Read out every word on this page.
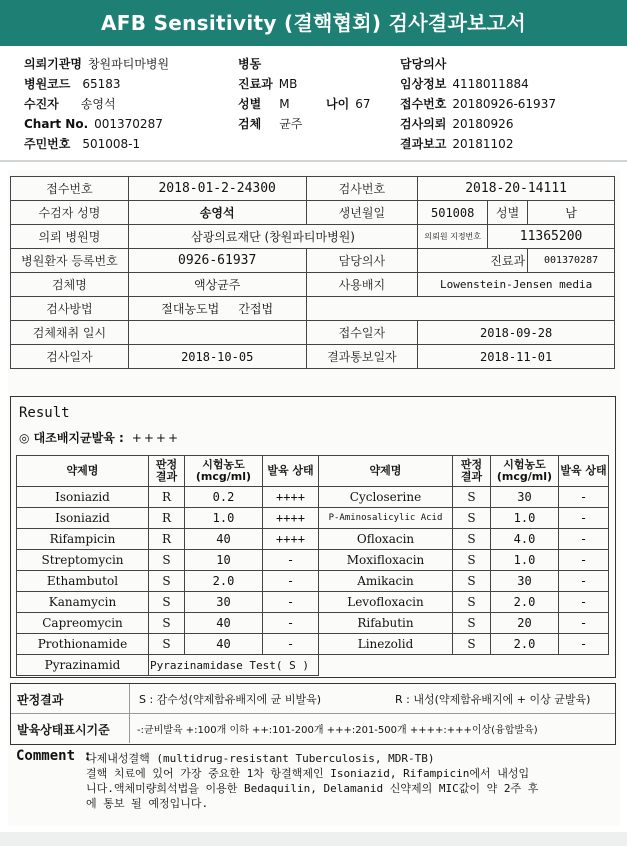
AFB Sensitivity (결핵협회) 검사결과보고서
의뢰기관명 창원파티마병원	병동	담당의사
병원코드 65183	진료과 MB	임상정보 4118011884
수진자 송영석	성별 M	나이 67 접수번호 20180926-61937
Chart No. 001370287	검체 균주	검사의뢰 20180926
주민번호 501008-1	결과보고 20181102
접수번호	2018-01-2-24300	검사번호	2018-20-14111		
수검자 성명	송영석	생년월일	501008	성별	남
의뢰 병원명	삼광의료재단 (창원파티마병원)		의뢰원 지정번호	11365200	
병원환자 등록번호	0926-61937	담당의사	진료과		001370287
검체명	액상균주	사용배지	Lowenstein-Jensen media		
검사방법	절대농도법 간접법				
검체채취 일시		접수일자	2018-09-28		
검사일자	2018-10-05	결과통보일자	2018-11-01		
Result
◎ 대조배지균발육 : ++++
약제명	판정 결과	시험농도 (mcg/ml)	발육 상태	약제명	판정 결과	시험농도 (mcg/ml)	발육 상태
Isoniazid	R	0.2	++++	Cycloserine	S	30	-
Isoniazid	R	1.0	++++	P-Aminosalicylic Acid	S	1.0	-
Rifampicin	R	40	++++	Ofloxacin	S	4.0	-
Streptomycin	S	10	-	Moxifloxacin	S	1.0	-
Ethambutol	S	2.0	-	Amikacin	S	30	-
Kanamycin	S	30	-	Levofloxacin	S	2.0	-
Capreomycin	S	40	-	Rifabutin	S	20	-
Prothionamide	S	40	-	Linezolid	S	2.0	-
Pyrazinamid	Pyrazinamidase Test( S )						
판정결과	S : 감수성(약제함유배지에 균 비발육)	R : 내성(약제함유배지에 + 이상 균발육)
발육상태표시기준	-:균비발육 +:100개 이하 ++:101-200개 +++:201-500개 ++++:+++이상(융합발육)
Comment :
다제내성결핵 (multidrug-resistant Tuberculosis, MDR-TB)
결핵 치료에 있어 가장 중요한 1차 항결핵제인 Isoniazid, Rifampicin에서 내성입
니다.액체미량희석법을 이용한 Bedaquilin, Delamanid 신약제의 MIC값이 약 2주 후
에 통보 될 예정입니다.
